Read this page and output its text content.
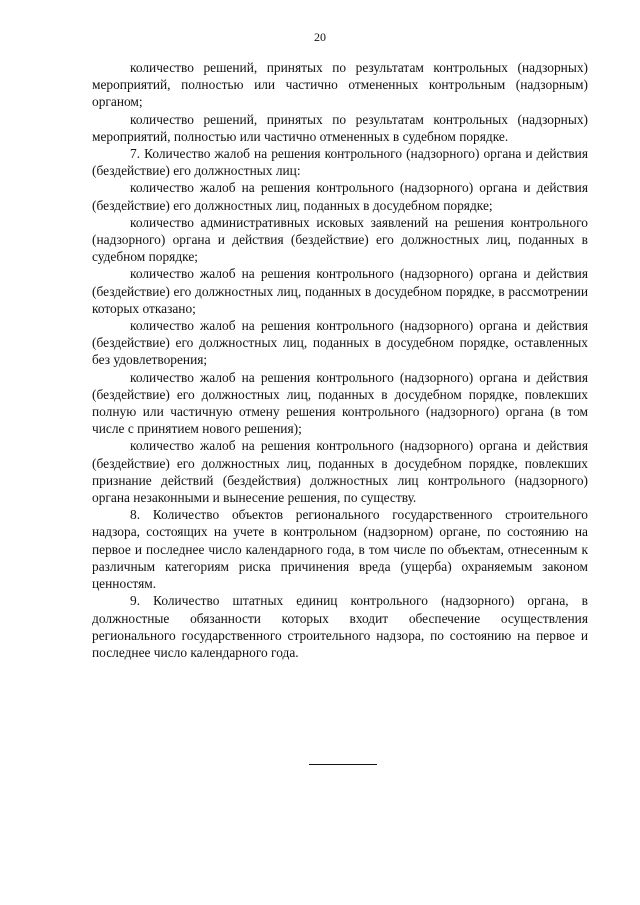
20

количество решений, принятых по результатам контрольных (надзорных) мероприятий, полностью или частично отмененных контрольным (надзорным) органом;

количество решений, принятых по результатам контрольных (надзорных) мероприятий, полностью или частично отмененных в судебном порядке.

7. Количество жалоб на решения контрольного (надзорного) органа и действия (бездействие) его должностных лиц:

количество жалоб на решения контрольного (надзорного) органа и действия (бездействие) его должностных лиц, поданных в досудебном порядке;

количество административных исковых заявлений на решения контрольного (надзорного) органа и действия (бездействие) его должностных лиц, поданных в судебном порядке;

количество жалоб на решения контрольного (надзорного) органа и действия (бездействие) его должностных лиц, поданных в досудебном порядке, в рассмотрении которых отказано;

количество жалоб на решения контрольного (надзорного) органа и действия (бездействие) его должностных лиц, поданных в досудебном порядке, оставленных без удовлетворения;

количество жалоб на решения контрольного (надзорного) органа и действия (бездействие) его должностных лиц, поданных в досудебном порядке, повлекших полную или частичную отмену решения контрольного (надзорного) органа (в том числе с принятием нового решения);

количество жалоб на решения контрольного (надзорного) органа и действия (бездействие) его должностных лиц, поданных в досудебном порядке, повлекших признание действий (бездействия) должностных лиц контрольного (надзорного) органа незаконными и вынесение решения, по существу.

8. Количество объектов регионального государственного строительного надзора, состоящих на учете в контрольном (надзорном) органе, по состоянию на первое и последнее число календарного года, в том числе по объектам, отнесенным к различным категориям риска причинения вреда (ущерба) охраняемым законом ценностям.

9. Количество штатных единиц контрольного (надзорного) органа, в должностные обязанности которых входит обеспечение осуществления регионального государственного строительного надзора, по состоянию на первое и последнее число календарного года.
